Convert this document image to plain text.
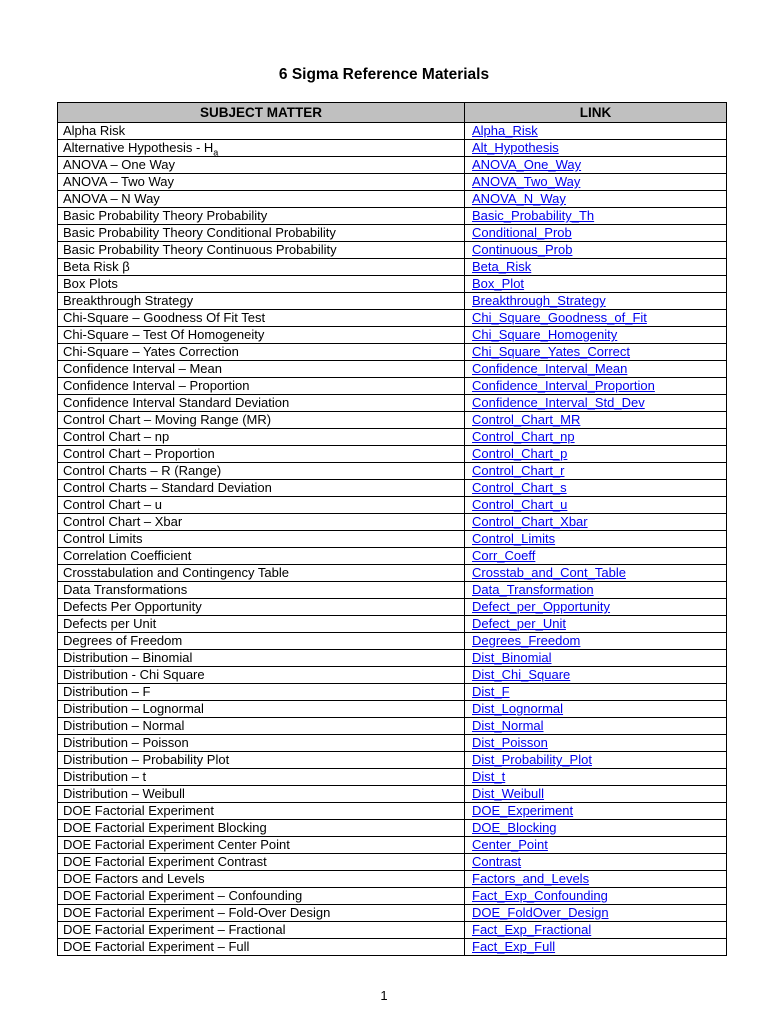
6 Sigma Reference Materials
SUBJECT MATTER	LINK
Alpha Risk	Alpha_Risk
Alternative Hypothesis - $H_a$	Alt_Hypothesis
ANOVA – One Way	ANOVA_One_Way
ANOVA – Two Way	ANOVA_Two_Way
ANOVA – N Way	ANOVA_N_Way
Basic Probability Theory Probability	Basic_Probability_Th
Basic Probability Theory Conditional Probability	Conditional_Prob
Basic Probability Theory Continuous Probability	Continuous_Prob
Beta Risk β	Beta_Risk
Box Plots	Box_Plot
Breakthrough Strategy	Breakthrough_Strategy
Chi-Square – Goodness Of Fit Test	Chi_Square_Goodness_of_Fit
Chi-Square – Test Of Homogeneity	Chi_Square_Homogenity
Chi-Square – Yates Correction	Chi_Square_Yates_Correct
Confidence Interval – Mean	Confidence_Interval_Mean
Confidence Interval – Proportion	Confidence_Interval_Proportion
Confidence Interval Standard Deviation	Confidence_Interval_Std_Dev
Control Chart – Moving Range (MR)	Control_Chart_MR
Control Chart – np	Control_Chart_np
Control Chart – Proportion	Control_Chart_p
Control Charts – R (Range)	Control_Chart_r
Control Charts – Standard Deviation	Control_Chart_s
Control Chart – u	Control_Chart_u
Control Chart – Xbar	Control_Chart_Xbar
Control Limits	Control_Limits
Correlation Coefficient	Corr_Coeff
Crosstabulation and Contingency Table	Crosstab_and_Cont_Table
Data Transformations	Data_Transformation
Defects Per Opportunity	Defect_per_Opportunity
Defects per Unit	Defect_per_Unit
Degrees of Freedom	Degrees_Freedom
Distribution – Binomial	Dist_Binomial
Distribution - Chi Square	Dist_Chi_Square
Distribution – F	Dist_F
Distribution – Lognormal	Dist_Lognormal
Distribution – Normal	Dist_Normal
Distribution – Poisson	Dist_Poisson
Distribution – Probability Plot	Dist_Probability_Plot
Distribution – t	Dist_t
Distribution – Weibull	Dist_Weibull
DOE Factorial Experiment	DOE_Experiment
DOE Factorial Experiment Blocking	DOE_Blocking
DOE Factorial Experiment Center Point	Center_Point
DOE Factorial Experiment Contrast	Contrast
DOE Factors and Levels	Factors_and_Levels
DOE Factorial Experiment – Confounding	Fact_Exp_Confounding
DOE Factorial Experiment – Fold-Over Design	DOE_FoldOver_Design
DOE Factorial Experiment – Fractional	Fact_Exp_Fractional
DOE Factorial Experiment – Full	Fact_Exp_Full
1
